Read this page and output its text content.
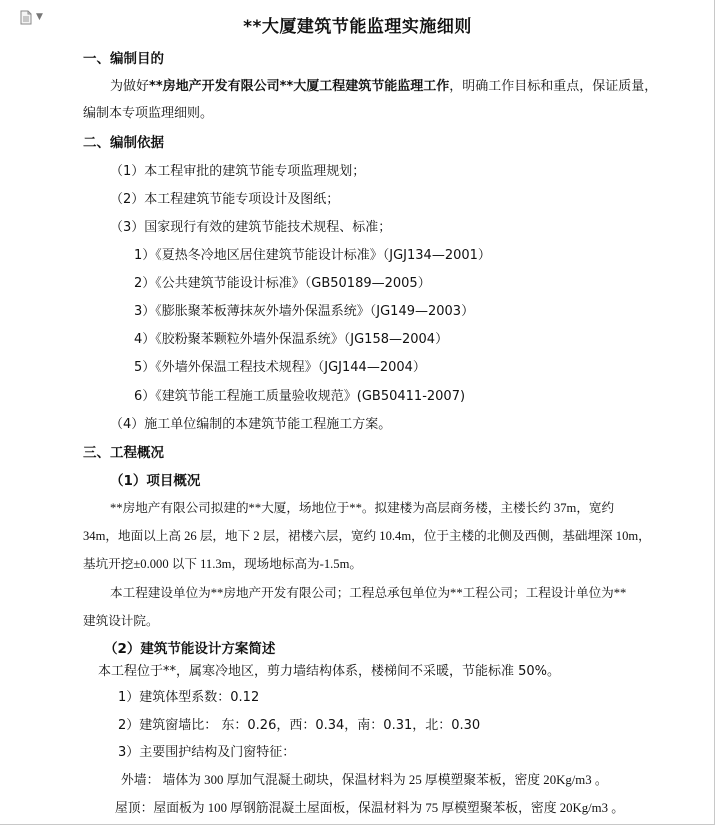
▼	**大厦建筑节能监理实施细则
一、编制目的
为做好**房地产开发有限公司**大厦工程建筑节能监理工作，明确工作目标和重点，保证质量，
编制本专项监理细则。
二、编制依据
（1）本工程审批的建筑节能专项监理规划；
（2）本工程建筑节能专项设计及图纸；
（3）国家现行有效的建筑节能技术规程、标准；
1）《夏热冬冷地区居住建筑节能设计标准》（JGJ134—2001）
2）《公共建筑节能设计标准》（GB50189—2005）
3）《膨胀聚苯板薄抹灰外墙外保温系统》（JG149—2003）
4）《胶粉聚苯颗粒外墙外保温系统》（JG158—2004）
5）《外墙外保温工程技术规程》（JGJ144—2004）
6）《建筑节能工程施工质量验收规范》(GB50411-2007)
（4）施工单位编制的本建筑节能工程施工方案。
三、工程概况
（1）项目概况
**房地产有限公司拟建的**大厦，场地位于**。拟建楼为高层商务楼，主楼长约 37m，宽约
34m，地面以上高 26 层，地下 2 层，裙楼六层，宽约 10.4m，位于主楼的北侧及西侧，基础埋深 10m，
基坑开挖±0.000 以下 11.3m，现场地标高为-1.5m。
本工程建设单位为**房地产开发有限公司；工程总承包单位为**工程公司；工程设计单位为**
建筑设计院。
（2）建筑节能设计方案简述
本工程位于**，属寒冷地区，剪力墙结构体系，楼梯间不采暖，节能标准 50%。
1）建筑体型系数：0.12
2）建筑窗墙比： 东：0.26，西：0.34，南：0.31，北：0.30
3）主要围护结构及门窗特征：
外墙： 墙体为 300 厚加气混凝土砌块，保温材料为 25 厚模塑聚苯板，密度 20Kg/m3 。
屋顶：屋面板为 100 厚钢筋混凝土屋面板，保温材料为 75 厚模塑聚苯板，密度 20Kg/m3 。
